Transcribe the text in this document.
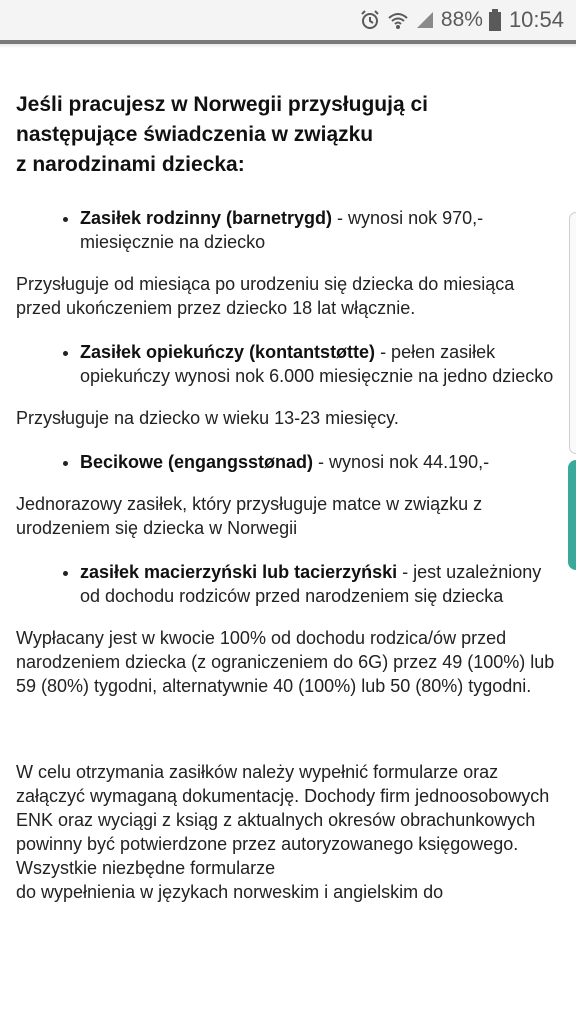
88% 10:54
Jeśli pracujesz w Norwegii przysługują ci
następujące świadczenia w związku
z narodzinami dziecka:
• Zasiłek rodzinny (barnetrygd) - wynosi nok 970,- miesięcznie na dziecko

Przysługuje od miesiąca po urodzeniu się dziecka do miesiąca przed ukończeniem przez dziecko 18 lat włącznie.

• Zasiłek opiekuńczy (kontantstøtte) - pełen zasiłek opiekuńczy wynosi nok 6.000 miesięcznie na jedno dziecko

Przysługuje na dziecko w wieku 13-23 miesięcy.

• Becikowe (engangsstønad) - wynosi nok 44.190,-

Jednorazowy zasiłek, który przysługuje matce w związku z urodzeniem się dziecka w Norwegii

• zasiłek macierzyński lub tacierzyński - jest uzależniony od dochodu rodziców przed narodzeniem się dziecka

Wypłacany jest w kwocie 100% od dochodu rodzica/ów przed narodzeniem dziecka (z ograniczeniem do 6G) przez 49 (100%) lub 59 (80%) tygodni, alternatywnie 40 (100%) lub 50 (80%) tygodni.

W celu otrzymania zasiłków należy wypełnić formularze oraz załączyć wymaganą dokumentację. Dochody firm jednoosobowych ENK oraz wyciągi z ksiąg z aktualnych okresów obrachunkowych powinny być potwierdzone przez autoryzowanego księgowego. Wszystkie niezbędne formularze

do wypełnienia w językach norweskim i angielskim do
